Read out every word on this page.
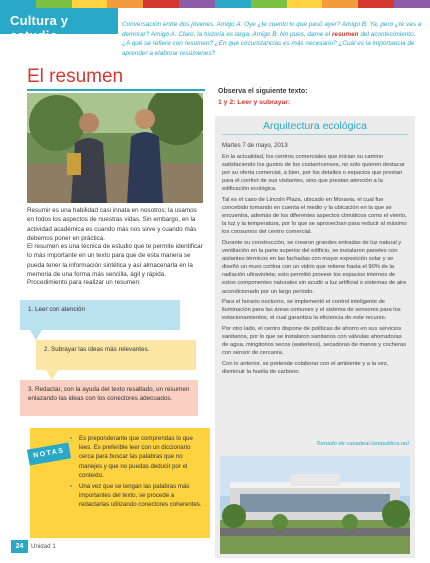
Cultura y estudio
Conversación entre dos jóvenes. Amigo A: Oye ¿te cuento lo que pasó ayer? Amigo B: Ya, pero ¿te vas a demorar? Amigo A: Claro, la historia es larga. Amigo B: No pues, dame el resumen del acontecimiento. ¿A qué se refiere con resumen? ¿En qué circunstancias es más necesario? ¿Cuál es la importancia de aprender a elaborar resúmenes?
El resumen
Resumir es una habilidad casi innata en nosotros; la usamos en todos los aspectos de nuestras vidas. Sin embargo, en la actividad académica es cuando más nos sirve y cuando más debemos poner en práctica.
El resumen es una técnica de estudio que te permite identificar lo más importante en un texto para que de esta manera se pueda tener la información sintética y así almacenarla en la memoria de una forma más sencilla, ágil y rápida.
Procedimiento para realizar un resumen:
1. Leer con atención
2. Subrayar las ideas más relevantes.
3. Redactar, con la ayuda del texto resaltado, un resumen enlazando las ideas con los conectores adecuados.
NOTAS
• Es preponderante que comprendas lo que lees. Es preferible leer con un diccionario cerca para buscar las palabras que no manejes y que no puedas deducir por el contexto.
• Una vez que se tengan las palabras más importantes del texto, se procede a redactarlas utilizando conectores coherentes.
24	Unidad 1
Observa el siguiente texto:
1 y 2: Leer y subrayar:
Arquitectura ecológica
Martes 7 de mayo, 2013

En la actualidad, los centros comerciales que inician su camino satisfaciendo los gustos de los costarricenses, no solo quieren destacar por su oferta comercial, a bien, por los detalles o espacios que prestan para el confort de sus visitantes, sino que prestan atención a la edificación ecológica.

Tal es el caso de Lincoln Plaza, ubicado en Moravia, el cual fue concebido tomando en cuenta el medio y la ubicación en la que se encuentra, además de los diferentes aspectos climáticos como el viento, la luz y la temperatura, por lo que se aprovechan para reducir al máximo los consumos del centro comercial.

Durante su construcción, se crearon grandes entradas de luz natural y ventilación en la parte superior del edificio, se instalaron paneles con aislantes térmicos en las fachadas con mayor exposición solar y se diseñó un muro cortina con un vidrio que retiene hasta el 90% de la radiación ultravioleta; esto permitió proveer los espacios internos de estos componentes naturales sin acudir a luz artificial o sistemas de aire acondicionado por un largo período.

Para el horario nocturno, se implementó el control inteligente de iluminación para las áreas comunes y el sistema de sensores para los estacionamientos, el cual garantiza la eficiencia de este recurso.

Por otro lado, el centro dispone de políticas de ahorro en sus servicios sanitarios, por lo que se instalaron sanitarios con válvulas ahorradoras de agua, mingitorios secos (waterless), secadoras de manos y cocheras con sensor de cercanía.

Con lo anterior, se pretende colaborar con el ambiente y a la vez, disminuir la huella de carbono.

Tomado de casadeal.larepublica.net
